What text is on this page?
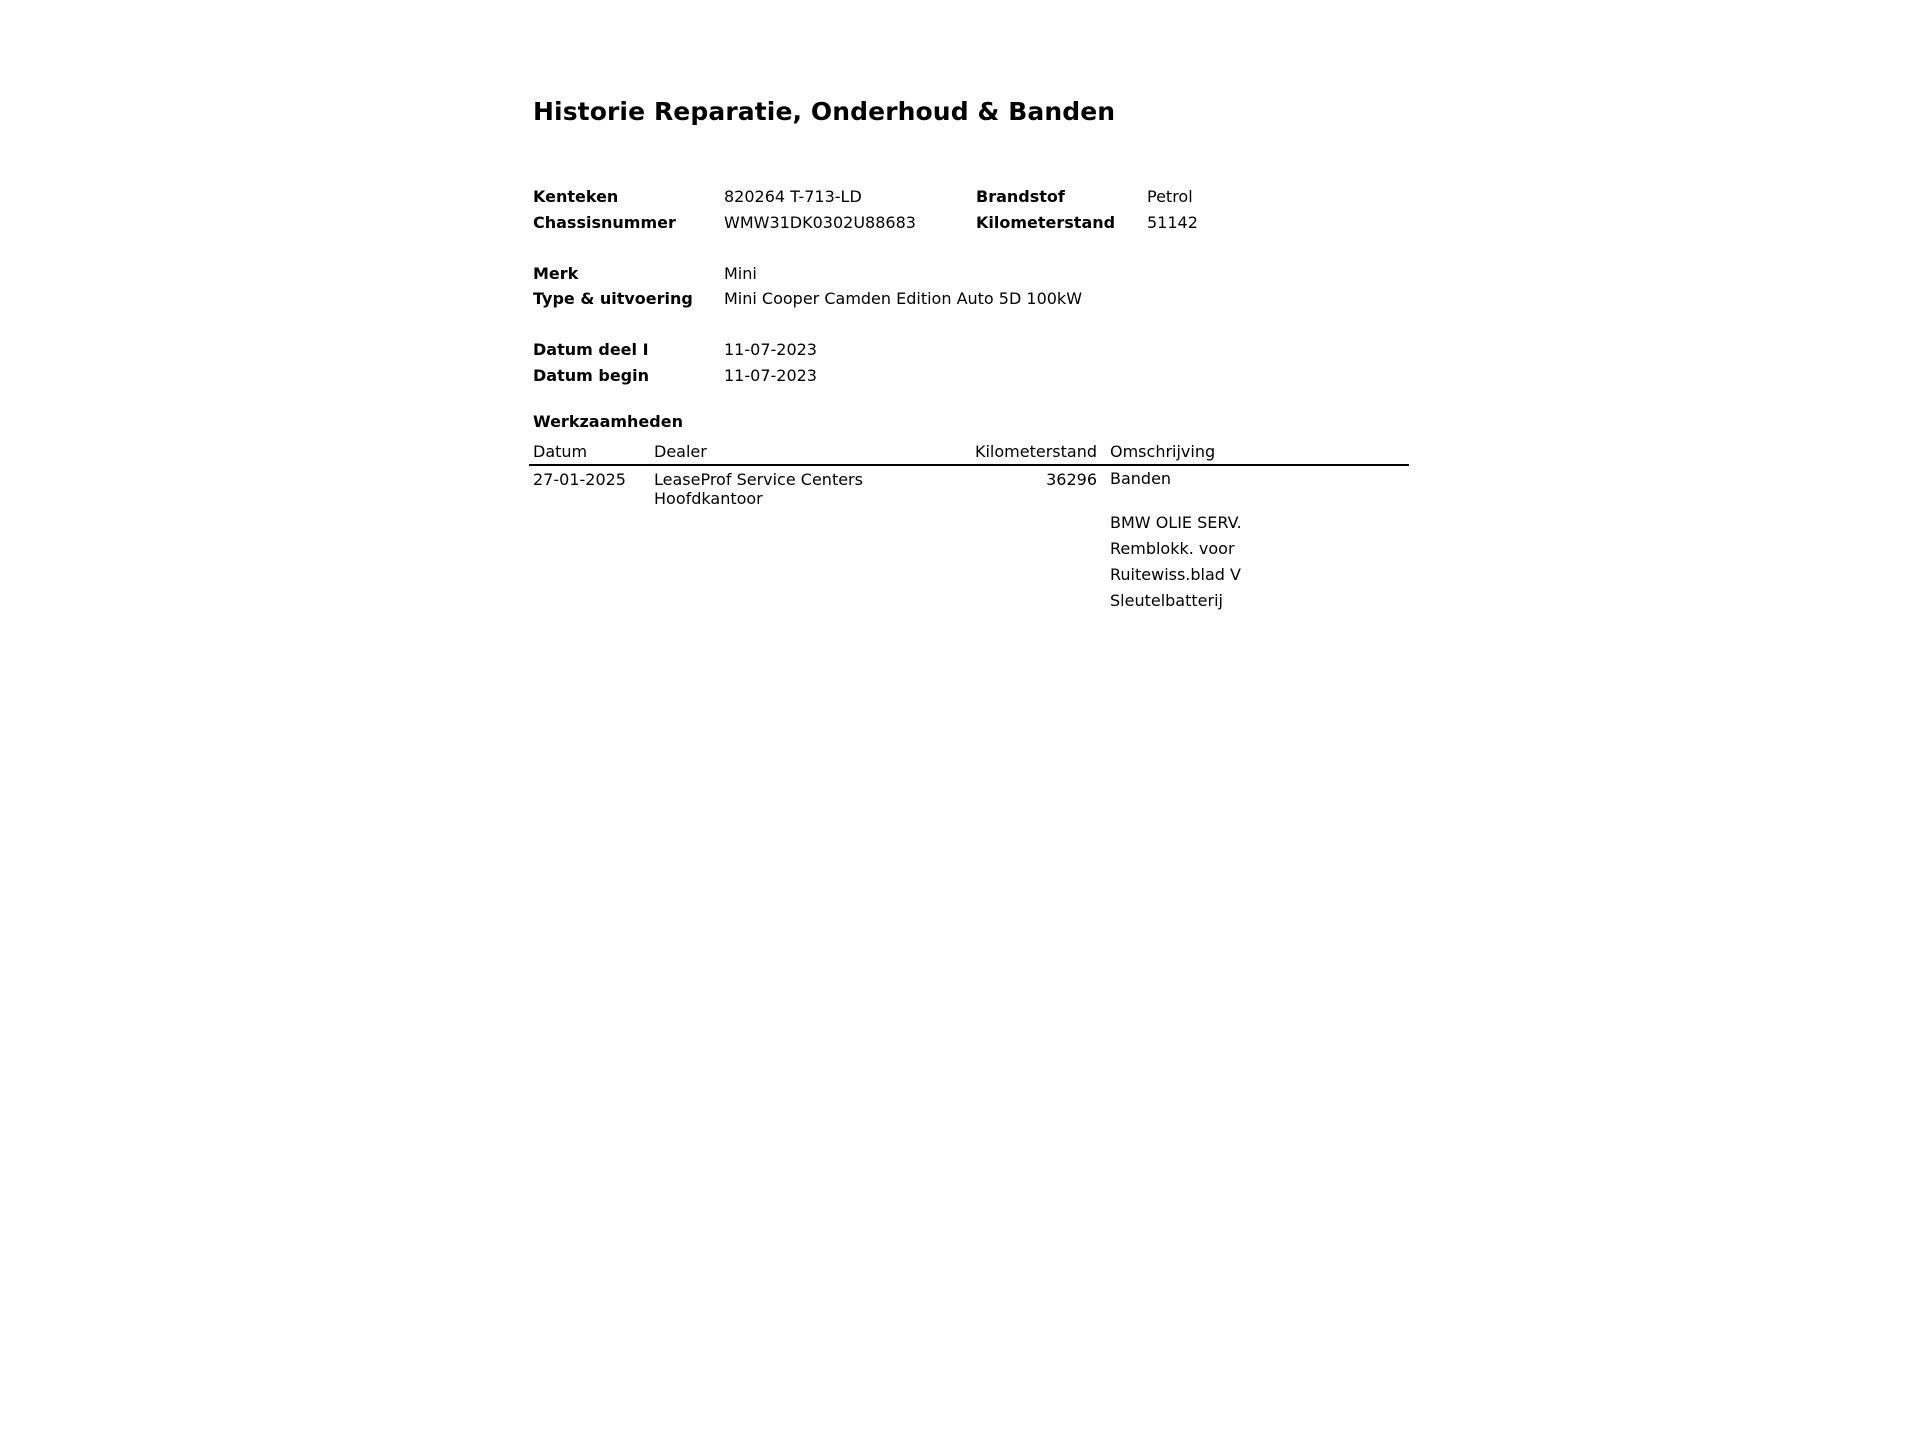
Historie Reparatie, Onderhoud & Banden
Kenteken	820264 T-713-LD	Brandstof	Petrol
Chassisnummer	WMW31DK0302U88683	Kilometerstand 51142
Merk	Mini
Type & uitvoering Mini Cooper Camden Edition Auto 5D 100kW
Datum deel I	11-07-2023
Datum begin	11-07-2023
Werkzaamheden
Datum	Dealer	Kilometerstand Omschrijving
27-01-2025 LeaseProf Service Centers
Hoofdkantoor
36296 Banden
BMW OLIE SERV.
Remblokk. voor
Ruitewiss.blad V
Sleutelbatterij
